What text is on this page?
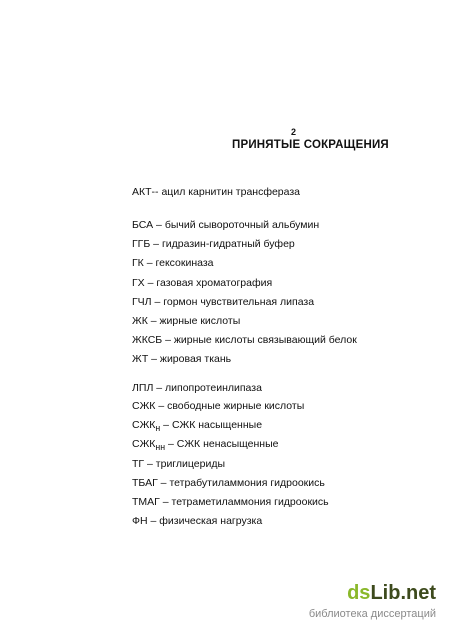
2
ПРИНЯТЫЕ СОКРАЩЕНИЯ
АКТ-- ацил карнитин трансфераза
БСА – бычий сывороточный альбумин
ГГБ – гидразин-гидратный буфер
ГК – гексокиназа
ГХ – газовая хроматография
ГЧЛ – гормон чувствительная липаза
ЖК – жирные кислоты
ЖКСБ – жирные кислоты связывающий белок
ЖТ – жировая ткань
ЛПЛ – липопротеинлипаза
СЖК – свободные жирные кислоты
$СЖК_н$ – СЖК насыщенные
$СЖК_{нн}$ – СЖК ненасыщенные
ТГ – триглицериды
ТБАГ – тетрабутиламмония гидроокись
ТМАГ – тетраметиламмония гидроокись
ФН – физическая нагрузка
dsLib.net
библиотека диссертаций
